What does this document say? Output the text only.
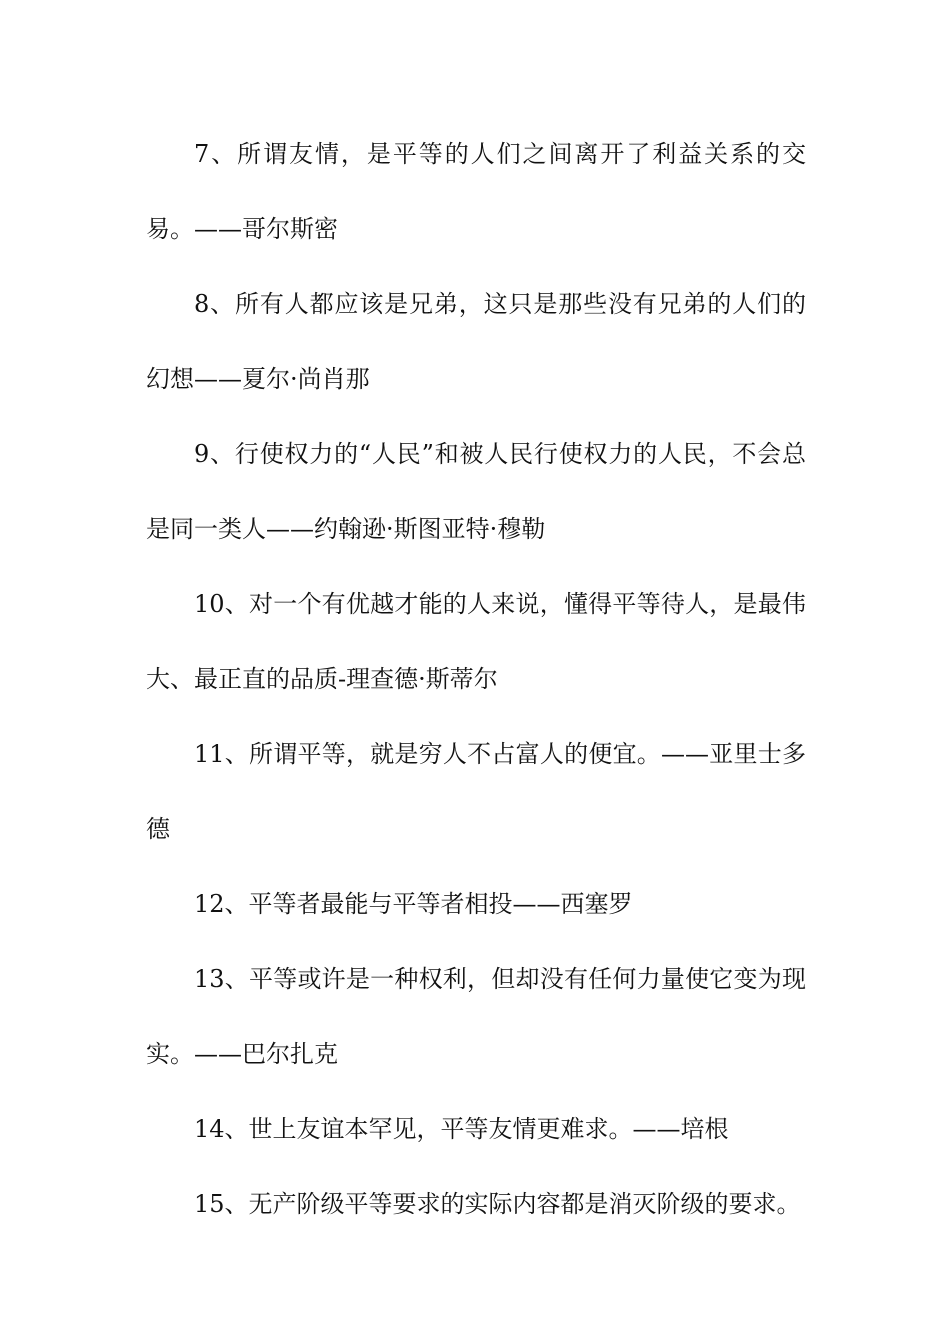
7、所谓友情，是平等的人们之间离开了利益关系的交易。——哥尔斯密

8、所有人都应该是兄弟，这只是那些没有兄弟的人们的幻想——夏尔·尚肖那

9、行使权力的“人民”和被人民行使权力的人民，不会总是同一类人——约翰逊·斯图亚特·穆勒

10、对一个有优越才能的人来说，懂得平等待人，是最伟大、最正直的品质-理查德·斯蒂尔

11、所谓平等，就是穷人不占富人的便宜。——亚里士多德

12、平等者最能与平等者相投——西塞罗

13、平等或许是一种权利，但却没有任何力量使它变为现实。——巴尔扎克

14、世上友谊本罕见，平等友情更难求。——培根

15、无产阶级平等要求的实际内容都是消灭阶级的要求。
